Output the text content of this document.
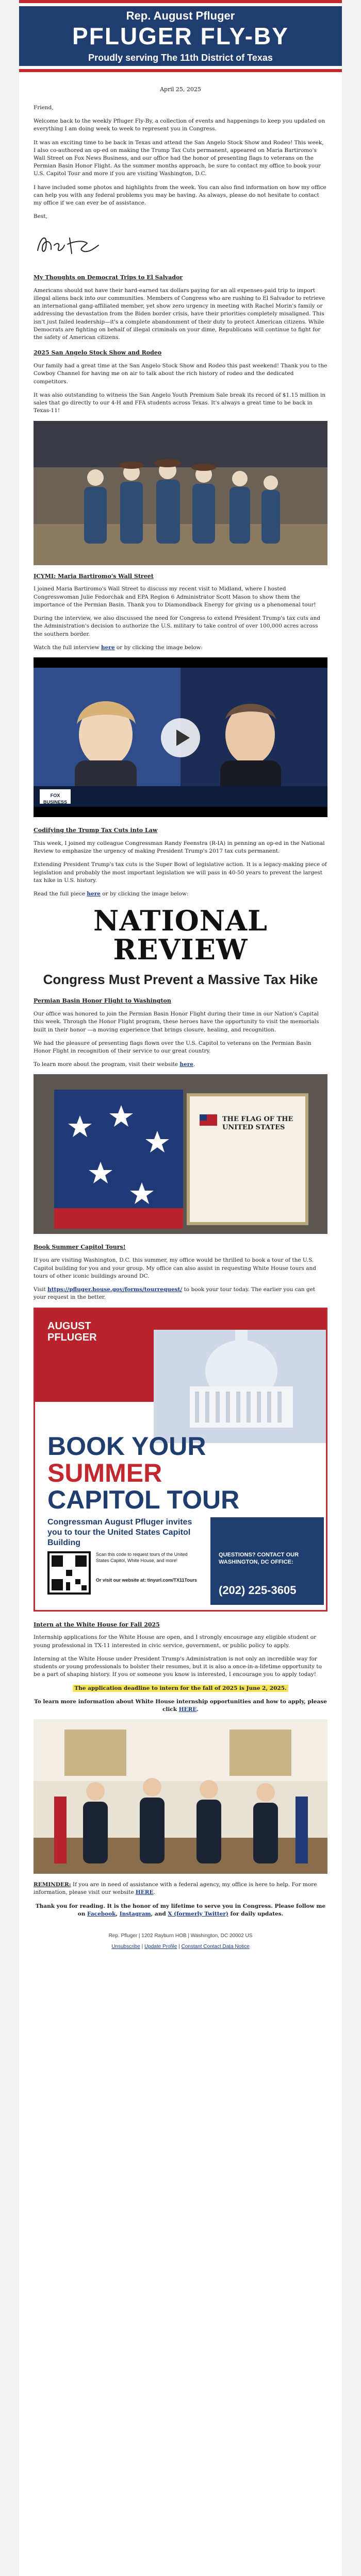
Rep. August Pfluger
PFLUGER FLY-BY
Proudly serving The 11th District of Texas
April 25, 2025

Friend,

Welcome back to the weekly Pfluger Fly-By, a collection of events and happenings to keep you updated on everything I am doing week to week to represent you in Congress.

It was an exciting time to be back in Texas and attend the San Angelo Stock Show and Rodeo! This week, I also co-authored an op-ed on making the Trump Tax Cuts permanent, appeared on Maria Bartiromo's Wall Street on Fox News Business, and our office had the honor of presenting flags to veterans on the Permian Basin Honor Flight. As the summer months approach, be sure to contact my office to book your U.S. Capitol Tour and more if you are visiting Washington, D.C.

I have included some photos and highlights from the week. You can also find information on how my office can help you with any federal problems you may be having. As always, please do not hesitate to contact my office if we can ever be of assistance.

Best,

My Thoughts on Democrat Trips to El Salvador

Americans should not have their hard-earned tax dollars paying for an all expenses-paid trip to import illegal aliens back into our communities. Members of Congress who are rushing to El Salvador to retrieve an international gang-affiliated member, yet show zero urgency in meeting with Rachel Morin's family or addressing the devastation from the Biden border crisis, have their priorities completely misaligned. This isn't just failed leadership—it's a complete abandonment of their duty to protect American citizens. While Democrats are fighting on behalf of illegal criminals on your dime, Republicans will continue to fight for the safety of American citizens.

2025 San Angelo Stock Show and Rodeo

Our family had a great time at the San Angelo Stock Show and Rodeo this past weekend! Thank you to the Cowboy Channel for having me on air to talk about the rich history of rodeo and the dedicated competitors.

It was also outstanding to witness the San Angelo Youth Premium Sale break its record of $1.15 million in sales that go directly to our 4-H and FFA students across Texas. It's always a great time to be back in Texas-11!

ICYMI: Maria Bartiromo's Wall Street

I joined Maria Bartiromo's Wall Street to discuss my recent visit to Midland, where I hosted Congresswoman Julie Fedorchak and EPA Region 6 Administrator Scott Mason to show them the importance of the Permian Basin. Thank you to Diamondback Energy for giving us a phenomenal tour!

During the interview, we also discussed the need for Congress to extend President Trump's tax cuts and the Administration's decision to authorize the U.S. military to take control of over 100,000 acres across the southern border.

Watch the full interview here or by clicking the image below:

FOX BUSINESS
Codifying the Trump Tax Cuts into Law

This week, I joined my colleague Congressman Randy Feenstra (R-IA) in penning an op-ed in the National Review to emphasize the urgency of making President Trump's 2017 tax cuts permanent.

Extending President Trump's tax cuts is the Super Bowl of legislative action. It is a legacy-making piece of legislation and probably the most important legislation we will pass in 40-50 years to prevent the largest tax hike in U.S. history.

Read the full piece here or by clicking the image below:

NATIONAL REVIEW
Congress Must Prevent a Massive Tax Hike
Permian Basin Honor Flight to Washington

Our office was honored to join the Permian Basin Honor Flight during their time in our Nation's Capital this week. Through the Honor Flight program, these heroes have the opportunity to visit the memorials built in their honor —a moving experience that brings closure, healing, and recognition.

We had the pleasure of presenting flags flown over the U.S. Capitol to veterans on the Permian Basin Honor Flight in recognition of their service to our great country.

To learn more about the program, visit their website here.

THE FLAG OF THE UNITED STATES
Book Summer Capitol Tours!

If you are visiting Washington, D.C. this summer, my office would be thrilled to book a tour of the U.S. Capitol building for you and your group. My office can also assist in requesting White House tours and tours of other iconic buildings around DC.

Visit https://pfluger.house.gov/forms/tourrequest/ to book your tour today. The earlier you can get your request in the better.

AUGUST
PFLUGER
BOOK YOUR
SUMMER
CAPITOL TOUR
Congressman August Pfluger invites you to tour the United States Capitol Building
Scan this code to request tours of the United States Capitol, White House, and more!
Or visit our website at: tinyurl.com/TX11Tours
QUESTIONS? CONTACT OUR WASHINGTON, DC OFFICE:
(202) 225-3605
Intern at the White House for Fall 2025

Internship applications for the White House are open, and I strongly encourage any eligible student or young professional in TX-11 interested in civic service, government, or public policy to apply.

Interning at the White House under President Trump's Administration is not only an incredible way for students or young professionals to bolster their resumes, but it is also a once-in-a-lifetime opportunity to be a part of shaping history. If you or someone you know is interested, I encourage you to apply today!

The application deadline to intern for the fall of 2025 is June 2, 2025.

To learn more information about White House internship opportunities and how to apply, please click HERE.

REMINDER: If you are in need of assistance with a federal agency, my office is here to help. For more information, please visit our website HERE.

Thank you for reading. It is the honor of my lifetime to serve you in Congress. Please follow me on Facebook, Instagram, and X (formerly Twitter) for daily updates.

Rep. Pfluger | 1202 Rayburn HOB | Washington, DC 20002 US
Unsubscribe | Update Profile | Constant Contact Data Notice
